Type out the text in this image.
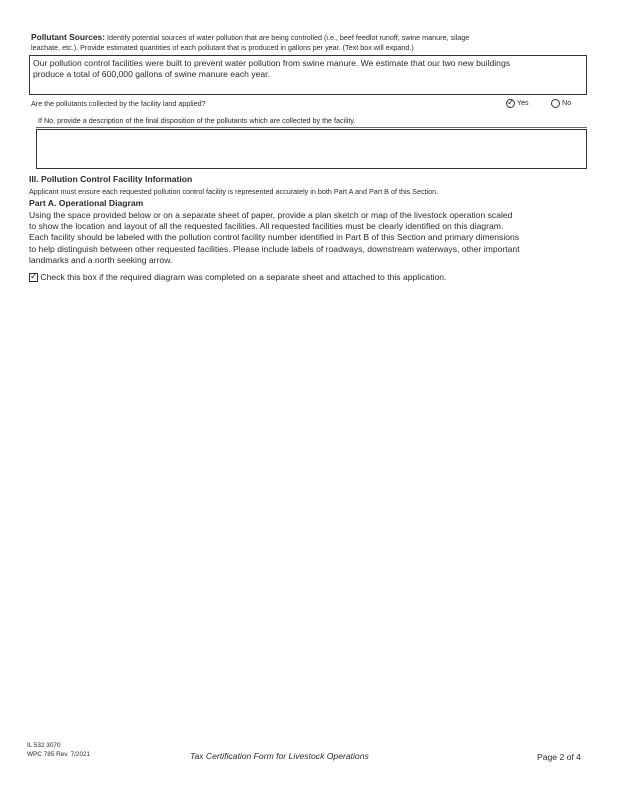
Pollutant Sources: Identify potential sources of water pollution that are being controlled (i.e., beef feedlot runoff, swine manure, silage
leachate, etc.). Provide estimated quantities of each pollutant that is produced in gallons per year. (Text box will expand.)
Our pollution control facilities were built to prevent water pollution from swine manure. We estimate that our two new buildings
produce a total of 600,000 gallons of swine manure each year.
Are the pollutants collected by the facility land applied?
✓	Yes	No
If No, provide a description of the final disposition of the pollutants which are collected by the facility.
III. Pollution Control Facility Information
Applicant must ensure each requested pollution control facility is represented accurately in both Part A and Part B of this Section.
Part A. Operational Diagram
Using the space provided below or on a separate sheet of paper, provide a plan sketch or map of the livestock operation scaled
to show the location and layout of all the requested facilities. All requested facilities must be clearly identified on this diagram.
Each facility should be labeled with the pollution control facility number identified in Part B of this Section and primary dimensions
to help distinguish between other requested facilities. Please include labels of roadways, downstream waterways, other important
landmarks and a north seeking arrow.
✓ Check this box if the required diagram was completed on a separate sheet and attached to this application.
IL 532 3070
WPC 785 Rev. 7/2021	Tax Certification Form for Livestock Operations	Page 2 of 4
